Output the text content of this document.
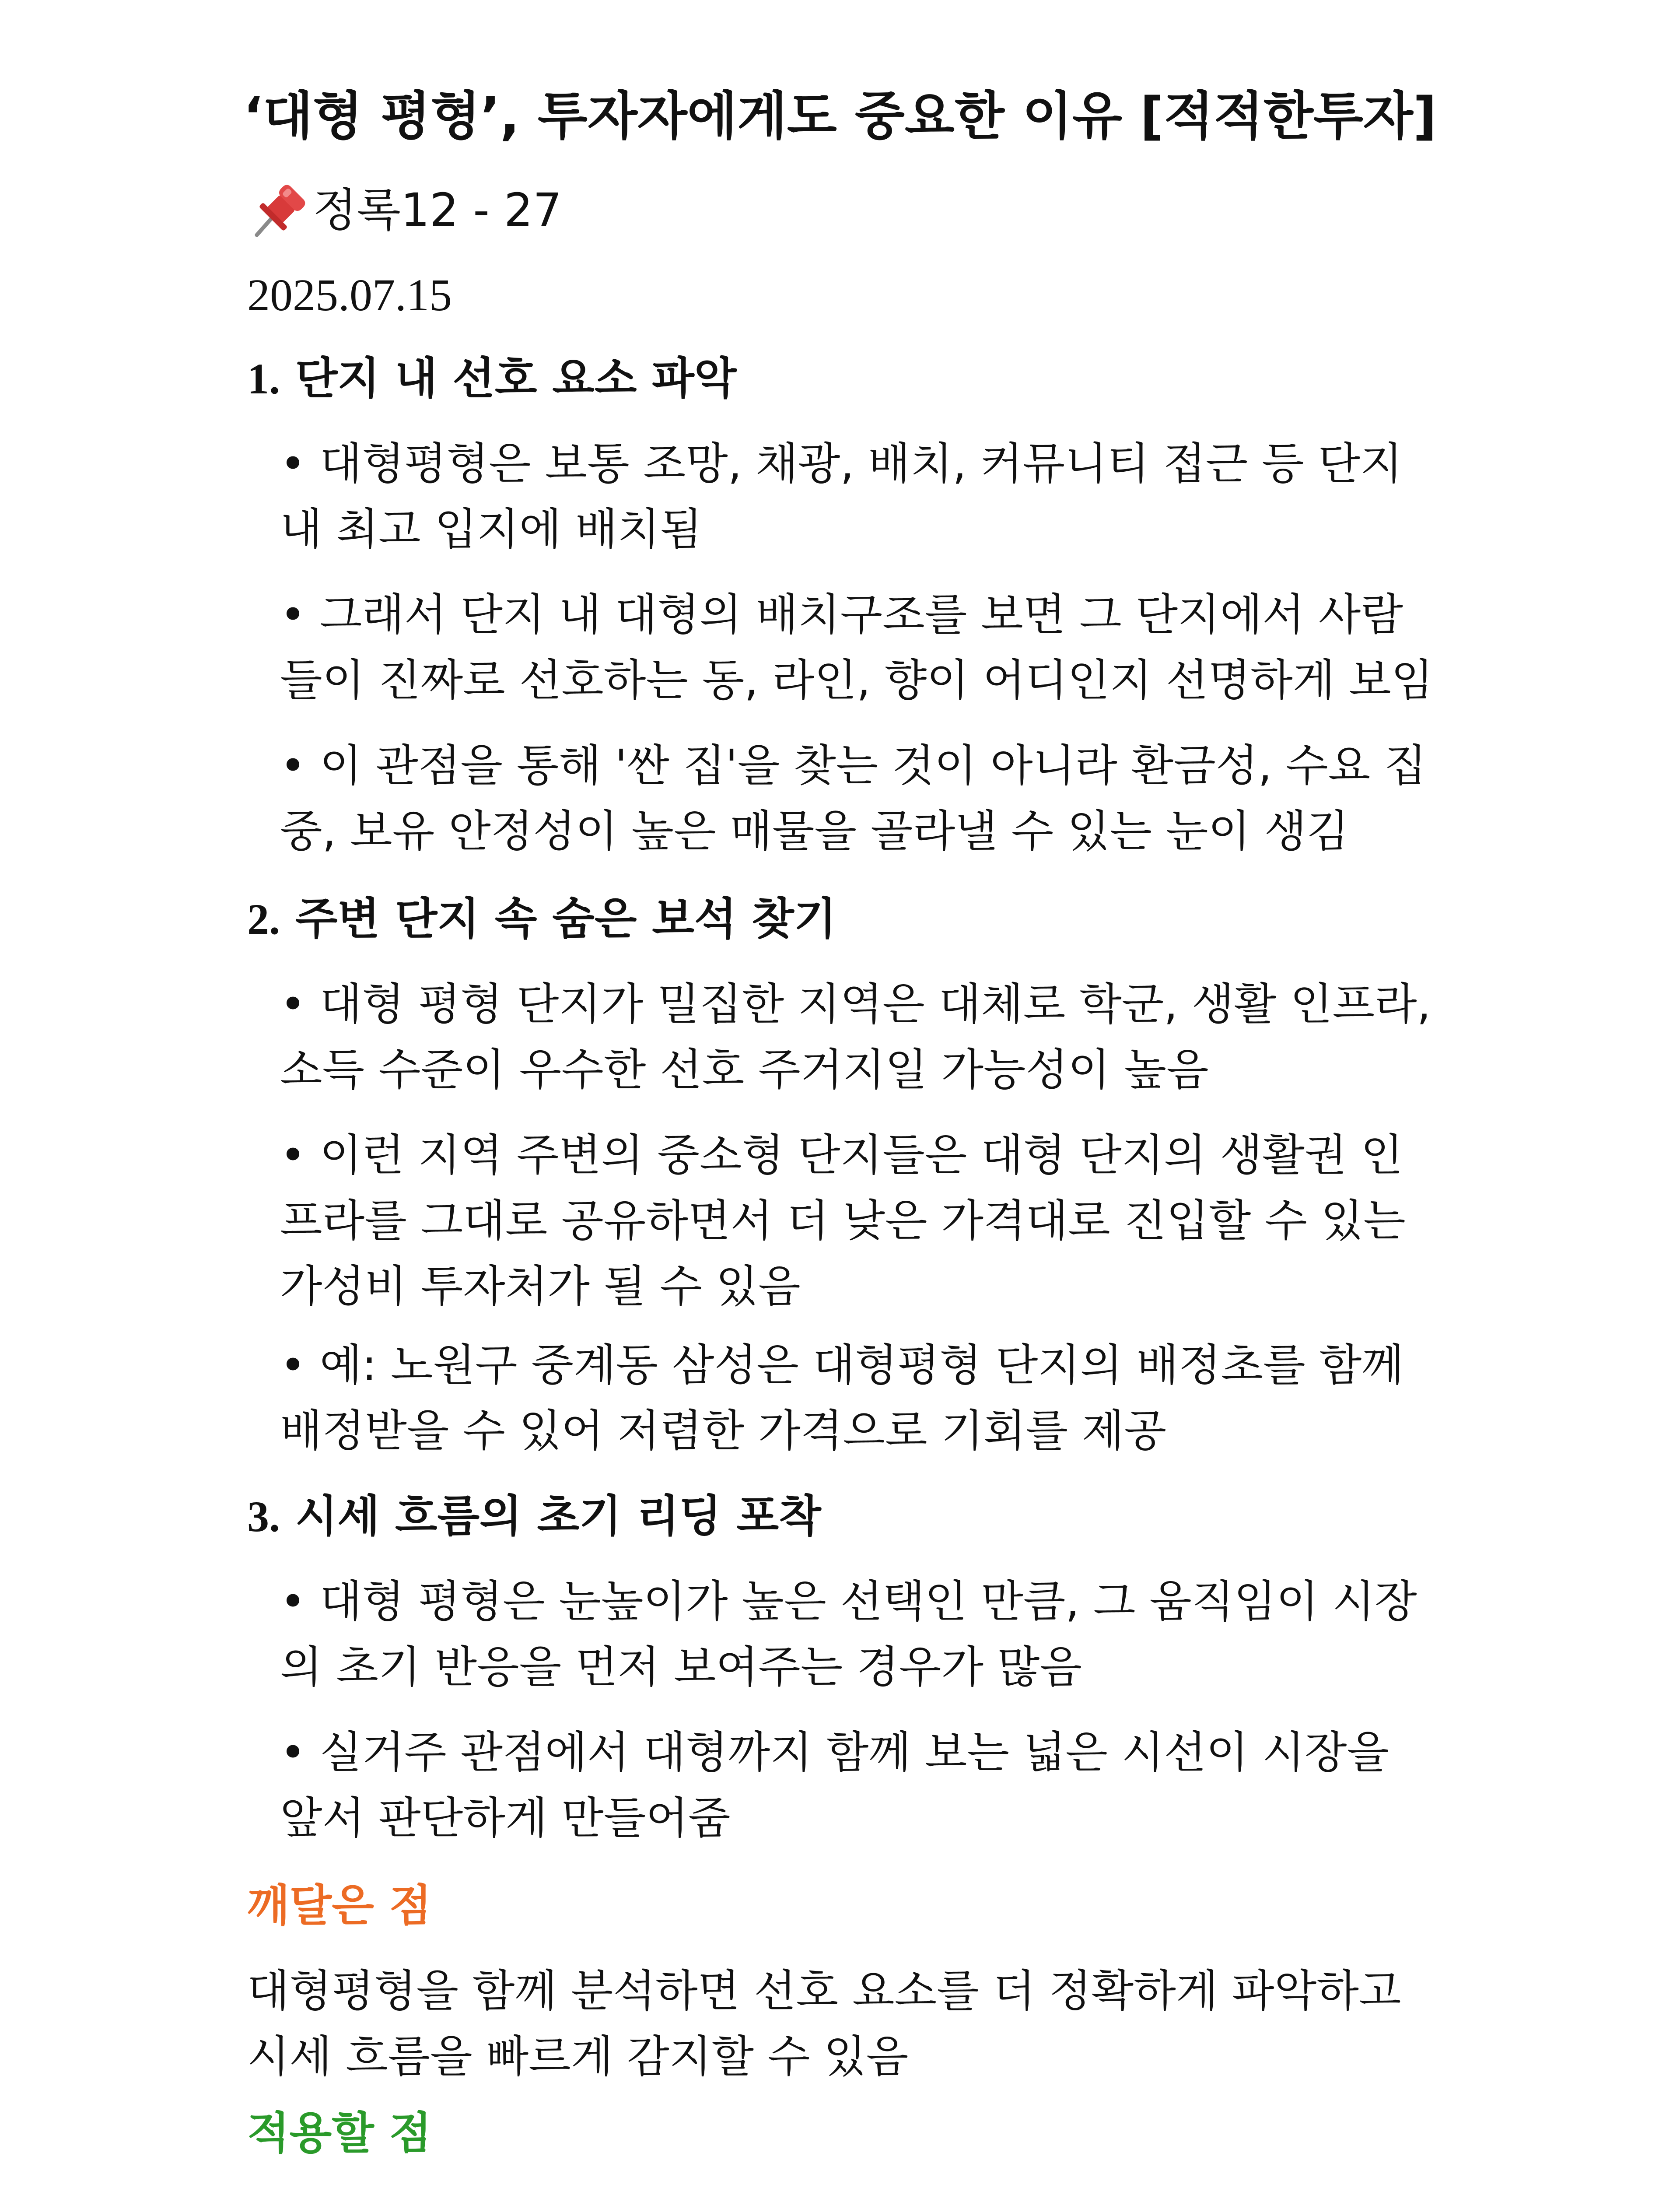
‘대형 평형’, 투자자에게도 중요한 이유 [적적한투자]

정록12 - 27

2025.07.15

1. 단지 내 선호 요소 파악

• 대형평형은 보통 조망, 채광, 배치, 커뮤니티 접근 등 단지
내 최고 입지에 배치됨

• 그래서 단지 내 대형의 배치구조를 보면 그 단지에서 사람
들이 진짜로 선호하는 동, 라인, 향이 어디인지 선명하게 보임

• 이 관점을 통해 '싼 집'을 찾는 것이 아니라 환금성, 수요 집
중, 보유 안정성이 높은 매물을 골라낼 수 있는 눈이 생김

2. 주변 단지 속 숨은 보석 찾기

• 대형 평형 단지가 밀집한 지역은 대체로 학군, 생활 인프라,
소득 수준이 우수한 선호 주거지일 가능성이 높음

• 이런 지역 주변의 중소형 단지들은 대형 단지의 생활권 인
프라를 그대로 공유하면서 더 낮은 가격대로 진입할 수 있는
가성비 투자처가 될 수 있음

• 예: 노원구 중계동 삼성은 대형평형 단지의 배정초를 함께
배정받을 수 있어 저렴한 가격으로 기회를 제공

3. 시세 흐름의 초기 리딩 포착

• 대형 평형은 눈높이가 높은 선택인 만큼, 그 움직임이 시장
의 초기 반응을 먼저 보여주는 경우가 많음

• 실거주 관점에서 대형까지 함께 보는 넓은 시선이 시장을
앞서 판단하게 만들어줌

깨달은 점

대형평형을 함께 분석하면 선호 요소를 더 정확하게 파악하고
시세 흐름을 빠르게 감지할 수 있음

적용할 점
